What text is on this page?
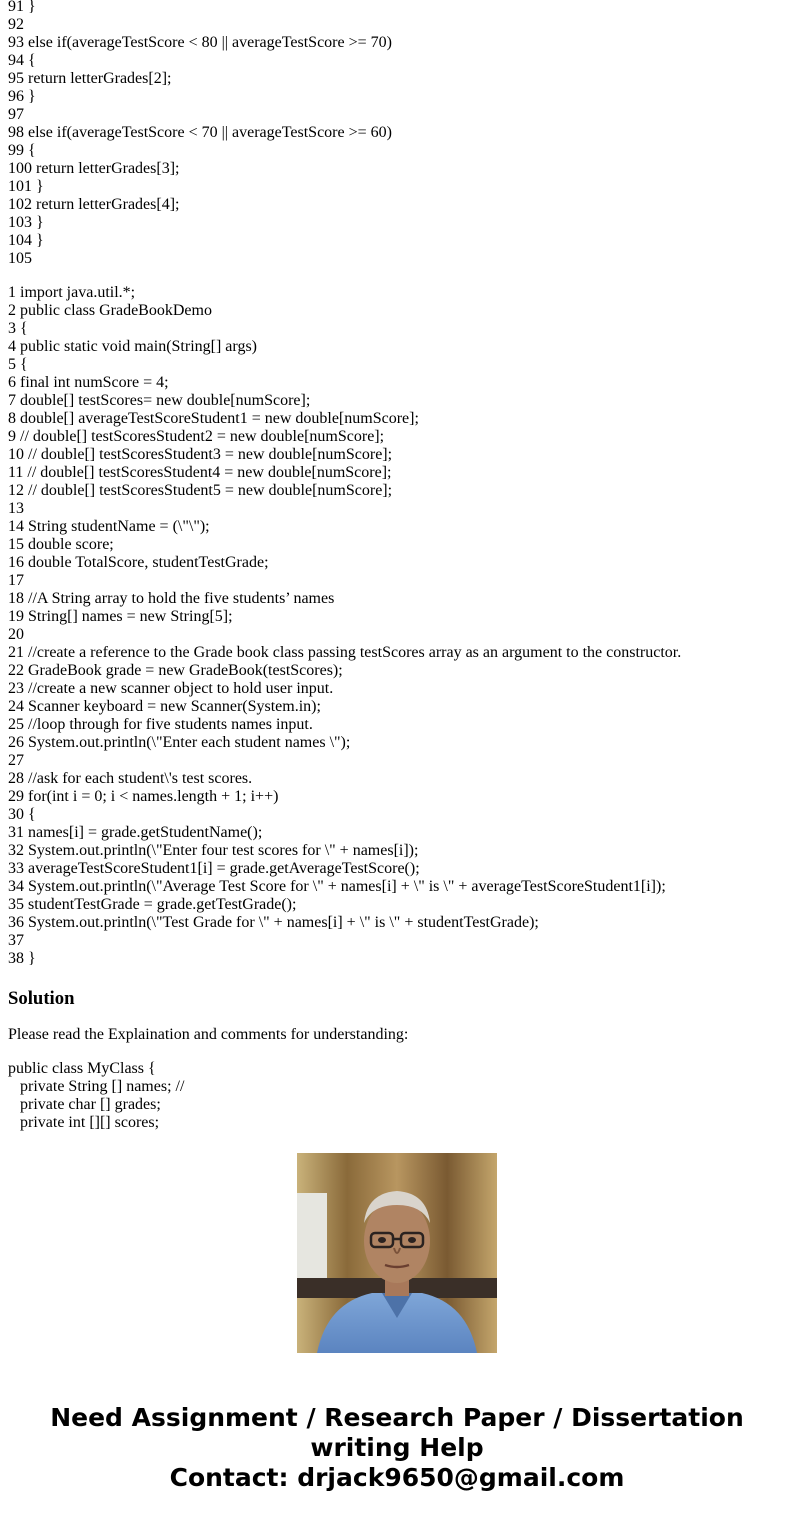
91 }
92
93 else if(averageTestScore < 80 || averageTestScore >= 70)
94 {
95 return letterGrades[2];
96 }
97
98 else if(averageTestScore < 70 || averageTestScore >= 60)
99 {
100 return letterGrades[3];
101 }
102 return letterGrades[4];
103 }
104 }
105
1 import java.util.*;
2 public class GradeBookDemo
3 {
4 public static void main(String[] args)
5 {
6 final int numScore = 4;
7 double[] testScores= new double[numScore];
8 double[] averageTestScoreStudent1 = new double[numScore];
9 // double[] testScoresStudent2 = new double[numScore];
10 // double[] testScoresStudent3 = new double[numScore];
11 // double[] testScoresStudent4 = new double[numScore];
12 // double[] testScoresStudent5 = new double[numScore];
13
14 String studentName = (\"\");
15 double score;
16 double TotalScore, studentTestGrade;
17
18 //A String array to hold the five students’ names
19 String[] names = new String[5];
20
21 //create a reference to the Grade book class passing testScores array as an argument to the constructor.
22 GradeBook grade = new GradeBook(testScores);
23 //create a new scanner object to hold user input.
24 Scanner keyboard = new Scanner(System.in);
25 //loop through for five students names input.
26 System.out.println(\"Enter each student names \");
27
28 //ask for each student\'s test scores.
29 for(int i = 0; i < names.length + 1; i++)
30 {
31 names[i] = grade.getStudentName();
32 System.out.println(\"Enter four test scores for \" + names[i]);
33 averageTestScoreStudent1[i] = grade.getAverageTestScore();
34 System.out.println(\"Average Test Score for \" + names[i] + \" is \" + averageTestScoreStudent1[i]);
35 studentTestGrade = grade.getTestGrade();
36 System.out.println(\"Test Grade for \" + names[i] + \" is \" + studentTestGrade);
37
38 }
Solution
Please read the Explaination and comments for understanding:
public class MyClass {
private String [] names; //
private char [] grades;
private int [][] scores;
Need Assignment / Research Paper / Dissertation
writing Help
Contact: drjack9650@gmail.com
